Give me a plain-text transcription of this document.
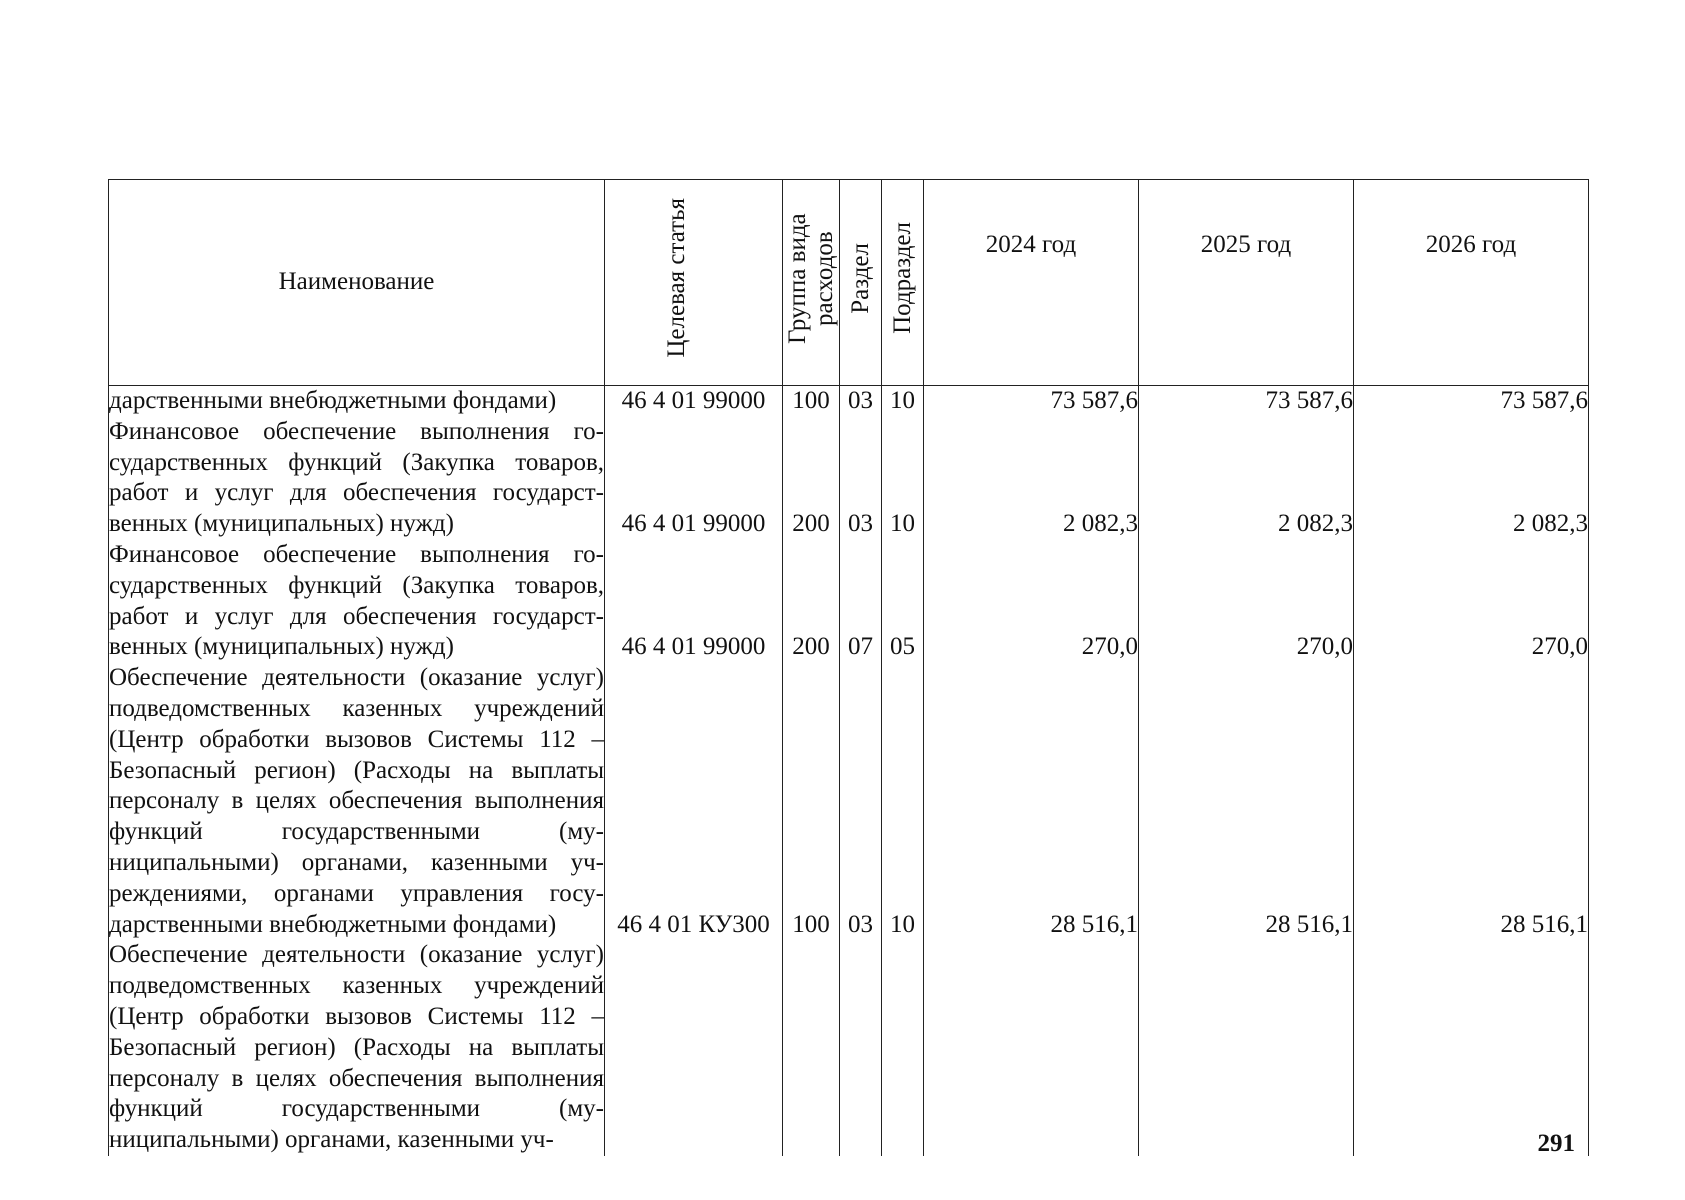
Наименование	Целевая статья	Группа вида расходов	Раздел	Подраздел	2024 год	2025 год	2026 год
дарственными внебюджетными фондами)	46 4 01 99000	100	03	10	73 587,6	73 587,6	73 587,6
Финансовое обеспечение выполнения государственных функций (Закупка товаров, работ и услуг для обеспечения государственных (муниципальных) нужд)	46 4 01 99000	200	03	10	2 082,3	2 082,3	2 082,3
Финансовое обеспечение выполнения государственных функций (Закупка товаров, работ и услуг для обеспечения государственных (муниципальных) нужд)	46 4 01 99000	200	07	05	270,0	270,0	270,0
Обеспечение деятельности (оказание услуг) подведомственных казенных учреждений (Центр обработки вызовов Системы 112 – Безопасный регион) (Расходы на выплаты персоналу в целях обеспечения выполнения функций государственными (муниципальными) органами, казенными учреждениями, органами управления государственными внебюджетными фондами)	46 4 01 КУ300	100	03	10	28 516,1	28 516,1	28 516,1
Обеспечение деятельности (оказание услуг) подведомственных казенных учреждений (Центр обработки вызовов Системы 112 – Безопасный регион) (Расходы на выплаты персоналу в целях обеспечения выполнения функций государственными (муниципальными) органами, казенными уч-								291
